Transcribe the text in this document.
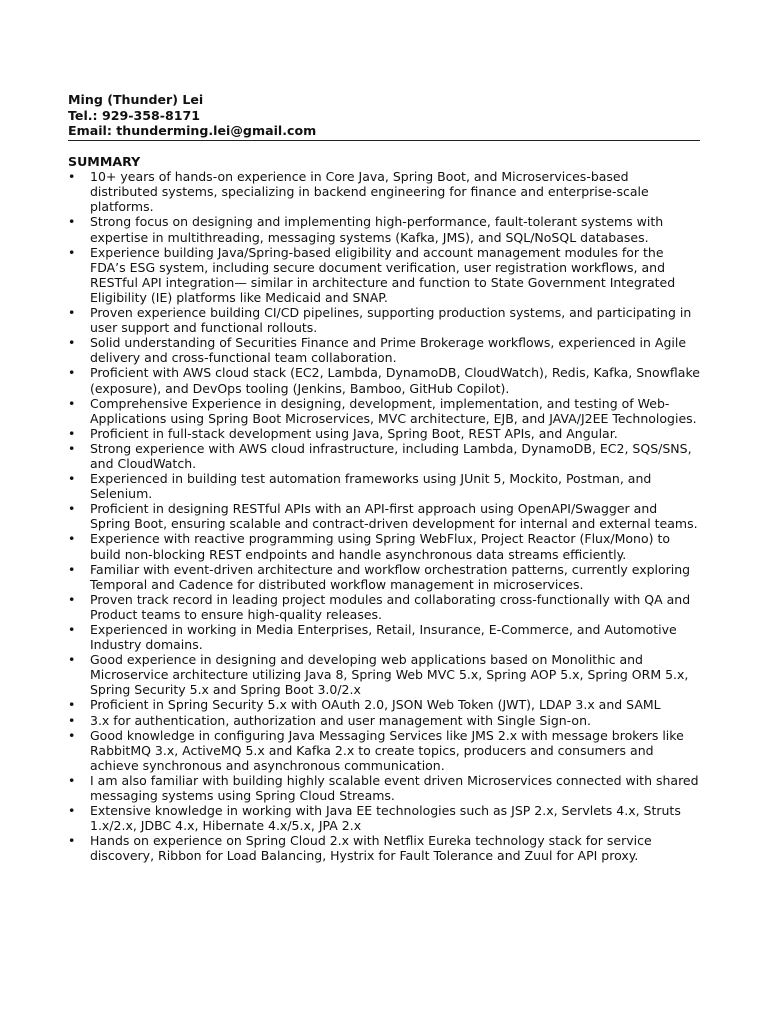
Ming (Thunder) Lei
Tel.: 929-358-8171
Email: thunderming.lei@gmail.com
SUMMARY
• 10+ years of hands-on experience in Core Java, Spring Boot, and Microservices-based distributed systems, specializing in backend engineering for finance and enterprise-scale platforms.
• Strong focus on designing and implementing high-performance, fault-tolerant systems with expertise in multithreading, messaging systems (Kafka, JMS), and SQL/NoSQL databases.
• Experience building Java/Spring-based eligibility and account management modules for the FDA’s ESG system, including secure document verification, user registration workflows, and RESTful API integration— similar in architecture and function to State Government Integrated Eligibility (IE) platforms like Medicaid and SNAP.
• Proven experience building CI/CD pipelines, supporting production systems, and participating in user support and functional rollouts.
• Solid understanding of Securities Finance and Prime Brokerage workflows, experienced in Agile delivery and cross-functional team collaboration.
• Proficient with AWS cloud stack (EC2, Lambda, DynamoDB, CloudWatch), Redis, Kafka, Snowflake (exposure), and DevOps tooling (Jenkins, Bamboo, GitHub Copilot).
• Comprehensive Experience in designing, development, implementation, and testing of Web- Applications using Spring Boot Microservices, MVC architecture, EJB, and JAVA/J2EE Technologies.
• Proficient in full-stack development using Java, Spring Boot, REST APIs, and Angular.
• Strong experience with AWS cloud infrastructure, including Lambda, DynamoDB, EC2, SQS/SNS, and CloudWatch.
• Experienced in building test automation frameworks using JUnit 5, Mockito, Postman, and Selenium.
• Proficient in designing RESTful APIs with an API-first approach using OpenAPI/Swagger and Spring Boot, ensuring scalable and contract-driven development for internal and external teams.
• Experience with reactive programming using Spring WebFlux, Project Reactor (Flux/Mono) to build non-blocking REST endpoints and handle asynchronous data streams efficiently.
• Familiar with event-driven architecture and workflow orchestration patterns, currently exploring Temporal and Cadence for distributed workflow management in microservices.
• Proven track record in leading project modules and collaborating cross-functionally with QA and Product teams to ensure high-quality releases.
• Experienced in working in Media Enterprises, Retail, Insurance, E-Commerce, and Automotive Industry domains.
• Good experience in designing and developing web applications based on Monolithic and Microservice architecture utilizing Java 8, Spring Web MVC 5.x, Spring AOP 5.x, Spring ORM 5.x, Spring Security 5.x and Spring Boot 3.0/2.x
• Proficient in Spring Security 5.x with OAuth 2.0, JSON Web Token (JWT), LDAP 3.x and SAML
• 3.x for authentication, authorization and user management with Single Sign-on.
• Good knowledge in configuring Java Messaging Services like JMS 2.x with message brokers like RabbitMQ 3.x, ActiveMQ 5.x and Kafka 2.x to create topics, producers and consumers and achieve synchronous and asynchronous communication.
• I am also familiar with building highly scalable event driven Microservices connected with shared messaging systems using Spring Cloud Streams.
• Extensive knowledge in working with Java EE technologies such as JSP 2.x, Servlets 4.x, Struts 1.x/2.x, JDBC 4.x, Hibernate 4.x/5.x, JPA 2.x
• Hands on experience on Spring Cloud 2.x with Netflix Eureka technology stack for service discovery, Ribbon for Load Balancing, Hystrix for Fault Tolerance and Zuul for API proxy.
